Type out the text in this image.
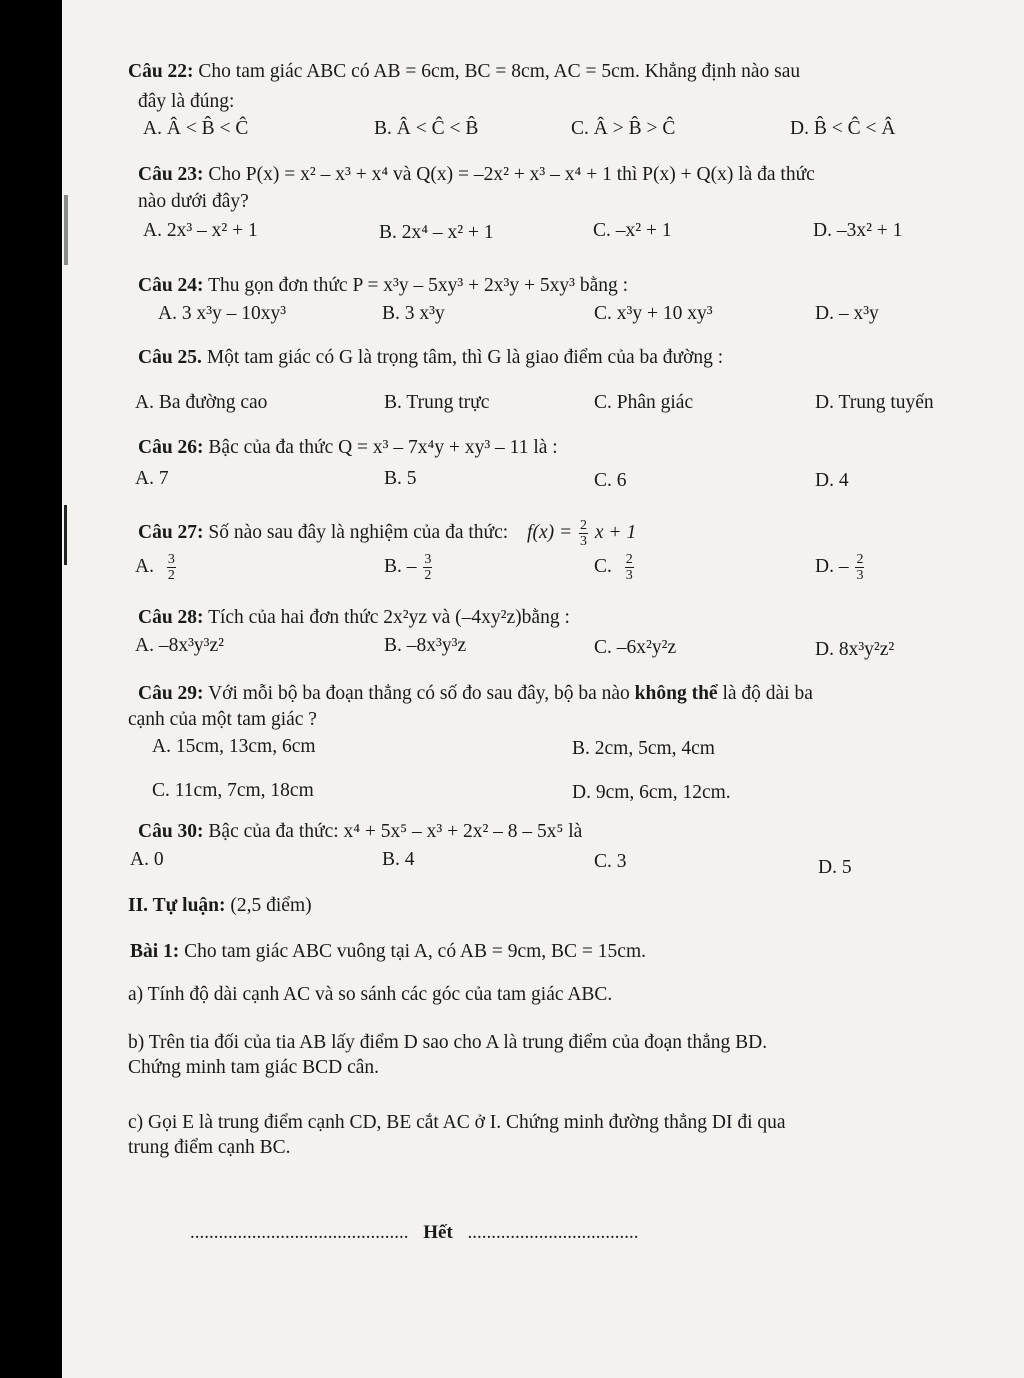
Câu 22: Cho tam giác ABC có AB = 6cm, BC = 8cm, AC = 5cm. Khẳng định nào sau
đây là đúng:
A. Â < B̂ < Ĉ	B. Â < Ĉ < B̂	C. Â > B̂ > Ĉ	D. B̂ < Ĉ < Â
Câu 23: Cho P(x) = x² – x³ + x⁴ và Q(x) = –2x² + x³ – x⁴ + 1 thì P(x) + Q(x) là đa thức
nào dưới đây?
A. 2x³ – x² + 1	B. 2x⁴ – x² + 1	C. –x² + 1	D. –3x² + 1
Câu 24: Thu gọn đơn thức P = x³y – 5xy³ + 2x³y + 5xy³ bằng :
A. 3 x³y – 10xy³	B. 3 x³y	C. x³y + 10 xy³	D. – x³y
Câu 25. Một tam giác có G là trọng tâm, thì G là giao điểm của ba đường :
A. Ba đường cao	B. Trung trực	C. Phân giác	D. Trung tuyến
Câu 26: Bậc của đa thức Q = x³ – 7x⁴y + xy³ – 11 là :
A. 7	B. 5	C. 6	D. 4
Câu 27: Số nào sau đây là nghiệm của đa thức: $f(x) = \frac{2}{3}$ x + 1
A. $\frac{3}{2}$	B. – $\frac{3}{2}$	C. $\frac{2}{3}$	D. – $\frac{2}{3}$
Câu 28: Tích của hai đơn thức 2x²yz và (–4xy²z)bằng :
A. –8x³y³z²	B. –8x³y³z	C. –6x²y²z	D. 8x³y²z²
Câu 29: Với mỗi bộ ba đoạn thẳng có số đo sau đây, bộ ba nào không thể là độ dài ba
cạnh của một tam giác ?
A. 15cm, 13cm, 6cm	B. 2cm, 5cm, 4cm
C. 11cm, 7cm, 18cm	D. 9cm, 6cm, 12cm.
Câu 30: Bậc của đa thức: x⁴ + 5x⁵ – x³ + 2x² – 8 – 5x⁵ là
A. 0	B. 4	C. 3	D. 5
II. Tự luận: (2,5 điểm)
Bài 1: Cho tam giác ABC vuông tại A, có AB = 9cm, BC = 15cm.
a) Tính độ dài cạnh AC và so sánh các góc của tam giác ABC.
b) Trên tia đối của tia AB lấy điểm D sao cho A là trung điểm của đoạn thẳng BD.
Chứng minh tam giác BCD cân.
c) Gọi E là trung điểm cạnh CD, BE cắt AC ở I. Chứng minh đường thẳng DI đi qua
trung điểm cạnh BC.
.............................................. Hết ....................................
